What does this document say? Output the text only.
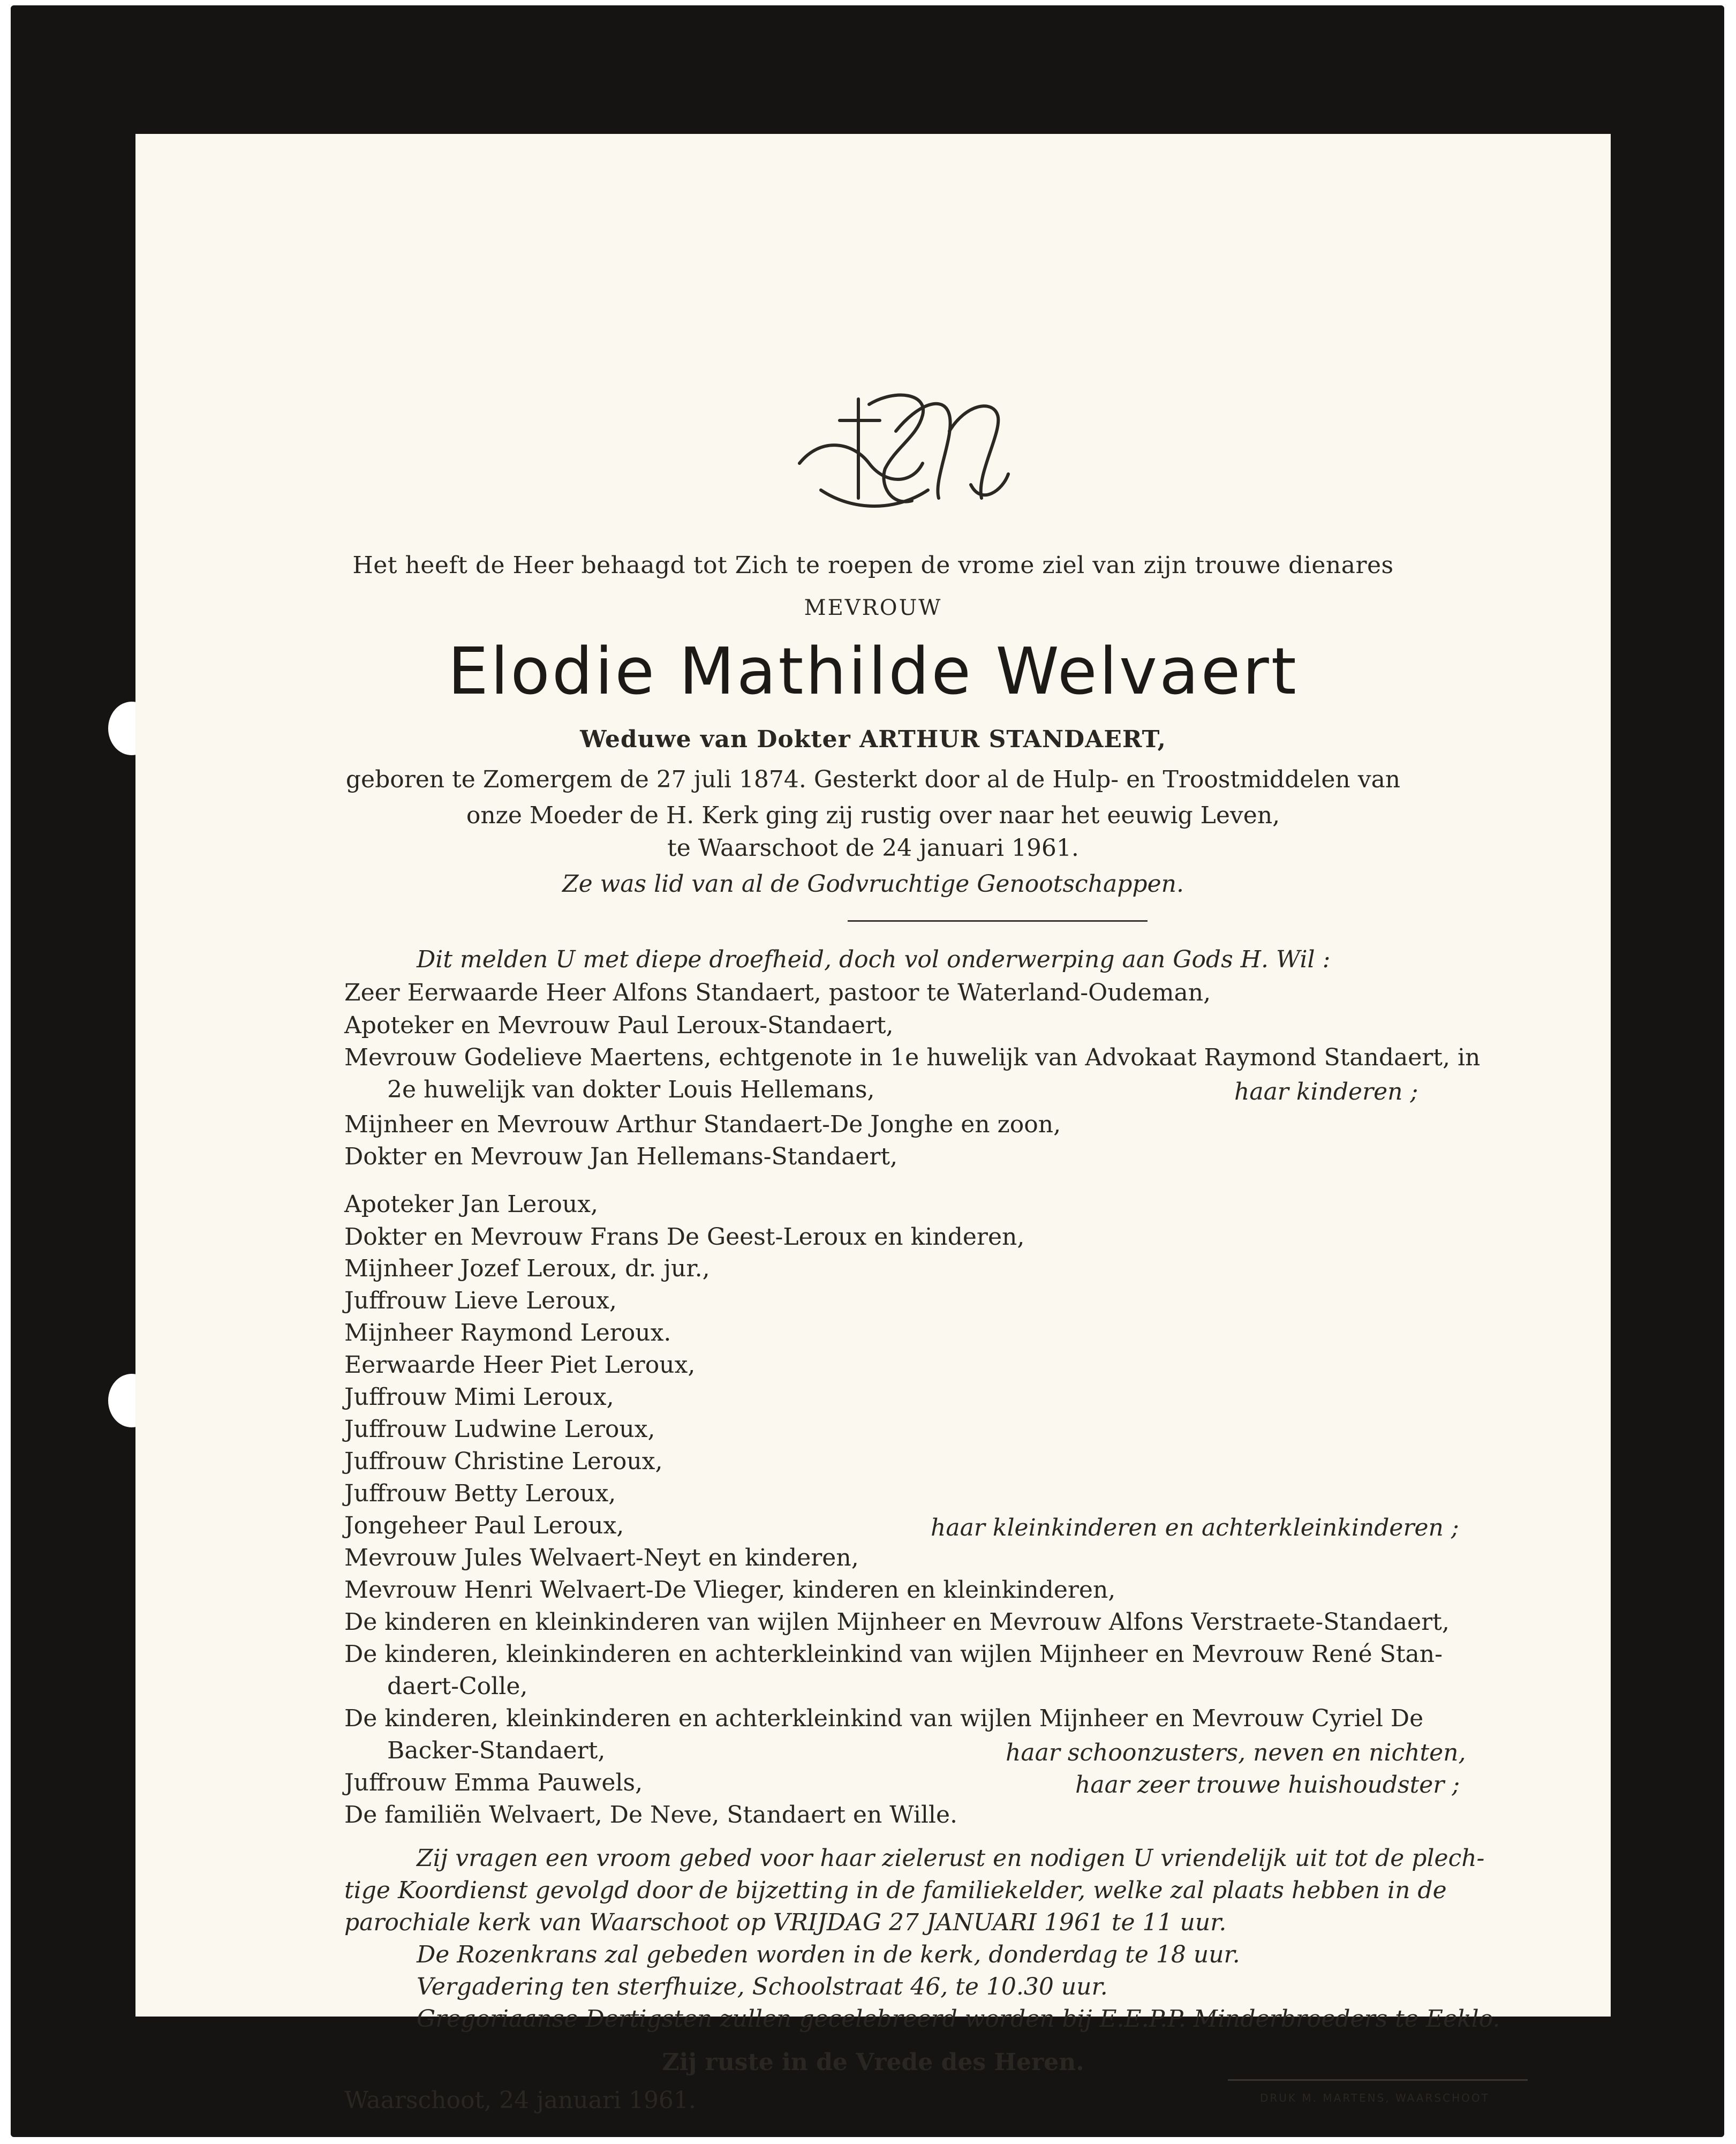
Het heeft de Heer behaagd tot Zich te roepen de vrome ziel van zijn trouwe dienares
MEVROUW
Elodie Mathilde Welvaert
Weduwe van Dokter ARTHUR STANDAERT,
geboren te Zomergem de 27 juli 1874. Gesterkt door al de Hulp- en Troostmiddelen van
onze Moeder de H. Kerk ging zij rustig over naar het eeuwig Leven,
te Waarschoot de 24 januari 1961.
Ze was lid van al de Godvruchtige Genootschappen.
Dit melden U met diepe droefheid, doch vol onderwerping aan Gods H. Wil :
Zeer Eerwaarde Heer Alfons Standaert, pastoor te Waterland-Oudeman,
Apoteker en Mevrouw Paul Leroux-Standaert,
Mevrouw Godelieve Maertens, echtgenote in 1e huwelijk van Advokaat Raymond Standaert, in
2e huwelijk van dokter Louis Hellemans,	haar kinderen ;
Mijnheer en Mevrouw Arthur Standaert-De Jonghe en zoon,
Dokter en Mevrouw Jan Hellemans-Standaert,
Apoteker Jan Leroux,
Dokter en Mevrouw Frans De Geest-Leroux en kinderen,
Mijnheer Jozef Leroux, dr. jur.,
Juffrouw Lieve Leroux,
Mijnheer Raymond Leroux.
Eerwaarde Heer Piet Leroux,
Juffrouw Mimi Leroux,
Juffrouw Ludwine Leroux,
Juffrouw Christine Leroux,
Juffrouw Betty Leroux,
Jongeheer Paul Leroux,	haar kleinkinderen en achterkleinkinderen ;
Mevrouw Jules Welvaert-Neyt en kinderen,
Mevrouw Henri Welvaert-De Vlieger, kinderen en kleinkinderen,
De kinderen en kleinkinderen van wijlen Mijnheer en Mevrouw Alfons Verstraete-Standaert,
De kinderen, kleinkinderen en achterkleinkind van wijlen Mijnheer en Mevrouw René Stan-
daert-Colle,
De kinderen, kleinkinderen en achterkleinkind van wijlen Mijnheer en Mevrouw Cyriel De
Backer-Standaert,	haar schoonzusters, neven en nichten,
Juffrouw Emma Pauwels,	haar zeer trouwe huishoudster ;
De familiën Welvaert, De Neve, Standaert en Wille.
Zij vragen een vroom gebed voor haar zielerust en nodigen U vriendelijk uit tot de plech-
tige Koordienst gevolgd door de bijzetting in de familiekelder, welke zal plaats hebben in de
parochiale kerk van Waarschoot op VRIJDAG 27 JANUARI 1961 te 11 uur.
De Rozenkrans zal gebeden worden in de kerk, donderdag te 18 uur.
Vergadering ten sterfhuize, Schoolstraat 46, te 10.30 uur.
Gregoriaanse Dertigsten zullen gecelebreerd worden bij E.E.P.P. Minderbroeders te Eeklo.
Zij ruste in de Vrede des Heren.
Waarschoot, 24 januari 1961.	DRUK M. MARTENS, WAARSCHOOT
